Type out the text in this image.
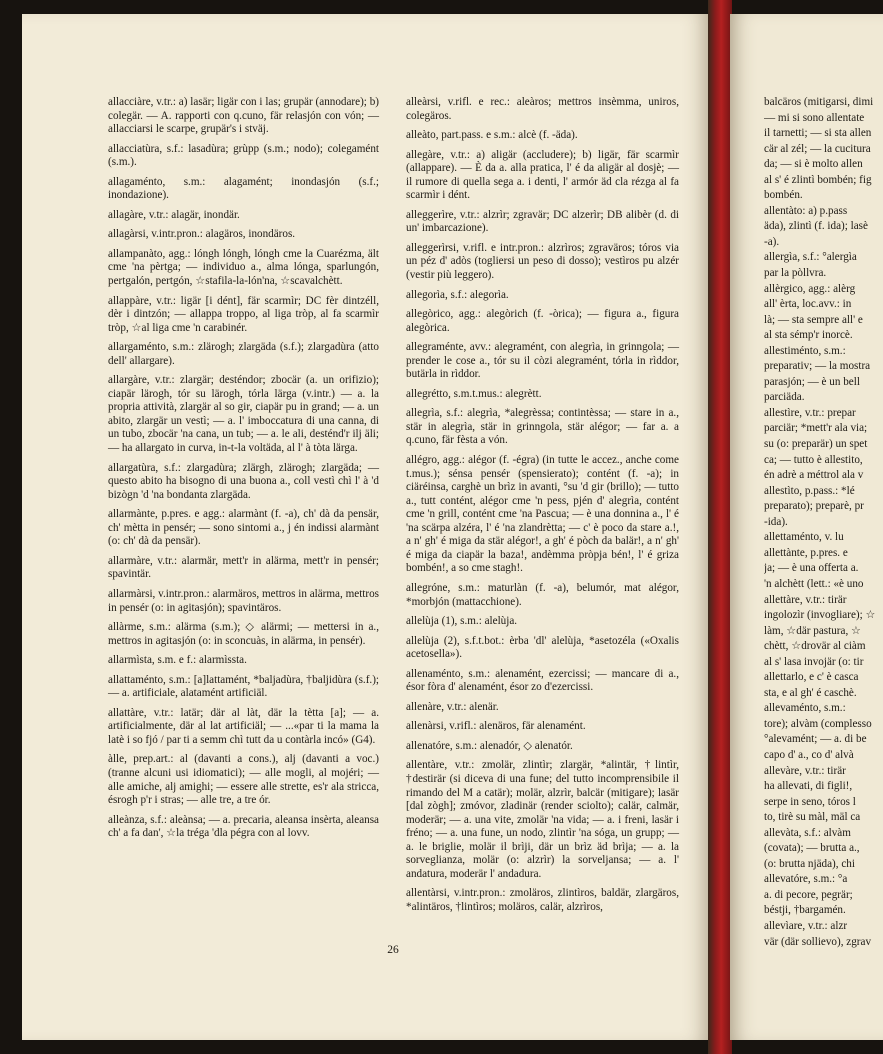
allacciàre, v.tr.: a) lasär; ligär con i las; grupär (annodare); b) colegär. — A. rapporti con q.cuno, fär relasjón con vón; — allacciarsi le scarpe, grupär's i stväj.

allacciatùra, s.f.: lasadùra; grùpp (s.m.; nodo); colegamént (s.m.).

allagaménto, s.m.: alagamént; inondasjón (s.f.; inondazione).

allagàre, v.tr.: alagär, inondär.

allagàrsi, v.intr.pron.: alagäros, inondäros.

allampanàto, agg.: lóngh lóngh, lóngh cme la Cuarézma, ält cme 'na pèrtga; — individuo a., alma lónga, sparlungón, pertgalón, pertgón, ☆stafila-la-lón'na, ☆scavalchètt.

allappàre, v.tr.: ligär [i dént], fär scarmìr; DC fèr dintzéll, dèr i dintzón; — allappa troppo, al liga tròp, al fa scarmìr tròp, ☆al liga cme 'n carabinér.

allargaménto, s.m.: zlärogh; zlargäda (s.f.); zlargadùra (atto dell' allargare).

allargàre, v.tr.: zlargär; desténdor; zbocär (a. un orifizio); ciapär lärogh, tór su lärogh, tórla lärga (v.intr.) — a. la propria attività, zlargär al so gir, ciapär pu in grand; — a. un abito, zlargär un vestì; — a. l' imboccatura di una canna, di un tubo, zbocär 'na cana, un tub; — a. le ali, desténd'r ilj äli; — ha allargato in curva, in-t-la voltäda, al l' à tòta lärga.

allargatùra, s.f.: zlargadùra; zlärgh, zlärogh; zlargäda; — questo abito ha bisogno di una buona a., coll vestì chì l' à 'd bizògn 'd 'na bondanta zlargäda.

allarmànte, p.pres. e agg.: alarmànt (f. -a), ch' dà da pensär, ch' mètta in pensér; — sono sintomi a., j én indissi alarmànt (o: ch' dà da pensär).

allarmàre, v.tr.: alarmär, mett'r in alärma, mett'r in pensér; spavintär.

allarmàrsi, v.intr.pron.: alarmäros, mettros in alärma, mettros in pensér (o: in agitasjón); spavintäros.

allàrme, s.m.: alärma (s.m.); ◇ alärmi; — mettersi in a., mettros in agitasjón (o: in sconcuàs, in alärma, in pensér).

allarmìsta, s.m. e f.: alarmìssta.

allattaménto, s.m.: [a]lattamént, *baljadùra, †baljidùra (s.f.); — a. artificiale, alatamént artificiäl.

allattàre, v.tr.: latär; där al làt, där la tètta [a]; — a. artificialmente, där al lat artificiäl; — ...«par ti la mama la latè i so fjó / par ti a semm chì tutt da u contàrla incó» (G4).

àlle, prep.art.: al (davanti a cons.), alj (davanti a voc.) (tranne alcuni usi idiomatici); — alle mogli, al mojéri; — alle amiche, alj amighi; — essere alle strette, es'r ala stricca, ésrogh p'r i stras; — alle tre, a tre ór.

alleànza, s.f.: aleànsa; — a. precaria, aleansa insèrta, aleansa ch' a fa dan', ☆la tréga 'dla pégra con al lovv.

alleàrsi, v.rifl. e rec.: aleàros; mettros insèmma, uniros, colegäros.

alleàto, part.pass. e s.m.: alcè (f. -äda).

allegàre, v.tr.: a) aligär (accludere); b) ligär, fär scarmìr (allappare). — È da a. alla pratica, l' é da aligär al dosjè; — il rumore di quella sega a. i denti, l' armór äd cla rézga al fa scarmìr i dént.

alleggerìre, v.tr.: alzrìr; zgravär; DC alzerìr; DB alibèr (d. di un' imbarcazione).

alleggerìrsi, v.rifl. e intr.pron.: alzrìros; zgraväros; tóros via un péz d' adòs (togliersi un peso di dosso); vestìros pu alzér (vestir più leggero).

allegorìa, s.f.: alegorìa.

allegòrico, agg.: alegòrich (f. -òrica); — figura a., figura alegòrica.

allegraménte, avv.: alegramént, con alegrìa, in grinngola; — prender le cose a., tór su il còzi alegramént, tórla in rìddor, butärla in rìddor.

allegrétto, s.m.t.mus.: alegrètt.

allegrìa, s.f.: alegrìa, *alegrèssa; contintèssa; — stare in a., stär in alegrìa, stär in grinngola, stär alégor; — far a. a q.cuno, fär fèsta a vón.

allégro, agg.: alégor (f. -égra) (in tutte le accez., anche come t.mus.); sénsa pensér (spensierato); contént (f. -a); in ciäréinsa, carghè un brìz in avanti, °su 'd gir (brillo); — tutto a., tutt contént, alégor cme 'n pess, pjén d' alegrìa, contént cme 'n grill, contént cme 'na Pascua; — è una donnina a., l' é 'na scärpa alzéra, l' é 'na zlandrètta; — c' è poco da stare a.!, a n' gh' é miga da stär alégor!, a gh' é pòch da balär!, a n' gh' é miga da ciapär la baza!, andèmma pròpja bén!, l' é griza bombén!, a so cme stagh!.

allegróne, s.m.: maturlàn (f. -a), belumór, mat alégor, *morbjón (mattacchione).

allelùja (1), s.m.: alelùja.

allelùja (2), s.f.t.bot.: èrba 'dl' alelùja, *asetozéla («Oxalis acetosella»).

allenaménto, s.m.: alenamént, ezercissi; — mancare di a., ésor fòra d' alenamént, ésor zo d'ezercissi.

allenàre, v.tr.: alenär.

allenàrsi, v.rifl.: alenäros, fär alenamént.

allenatóre, s.m.: alenadór, ◇ alenatór.

allentàre, v.tr.: zmolär, zlintìr; zlargär, *alintär, †lintìr, †destirär (si diceva di una fune; del tutto incomprensibile il rimando del M a catär); molär, alzrìr, balcär (mitigare); lasär [dal zògh]; zmóvor, zladinär (render sciolto); calär, calmär, moderär; — a. una vite, zmolär 'na vida; — a. i freni, lasär i fréno; — a. una fune, un nodo, zlintìr 'na sóga, un grupp; — a. le briglie, molär il brìji, där un brìz äd brìja; — a. la sorveglianza, molär (o: alzrìr) la sorveljansa; — a. l' andatura, moderär l' andadura.

allentàrsi, v.intr.pron.: zmoläros, zlintìros, baldär, zlargäros, *alintäros, †lintìros; moläros, calär, alzrìros,

26

balcäros (mitigarsi, dimi

— mi si sono allentate

il tarnetti; — si sta allen

cär al zél; — la cucitura

da; — si è molto allen

al s' é zlintì bombén; fig

bombén.

allentàto: a) p.pass

äda), zlintì (f. ida); lasè

-a).

allergìa, s.f.: °alergìa

par la pòllvra.

allèrgico, agg.: alèrg

all' èrta, loc.avv.: in

là; — sta sempre all' e

al sta sémp'r inorcè.

allestiménto, s.m.:

preparativ; — la mostra

parasjón; — è un bell

parciäda.

allestìre, v.tr.: prepar

parciär; *mett'r ala via;

su (o: preparär) un spet

ca; — tutto è allestito,

én adrè a méttrol ala v

allestìto, p.pass.: *lé

preparato); preparè, pr

-ida).

allettaménto, v. lu

allettànte, p.pres. e

ja; — è una offerta a.

'n alchètt (lett.: «è uno

allettàre, v.tr.: tirär

ingolozìr (invogliare); ☆

làm, ☆där pastura, ☆

chètt, ☆drovär al ciàm

al s' lasa invojär (o: tir

allettarlo, e c' è casca

sta, e al gh' é caschè.

allevaménto, s.m.:

tore); alvàm (complesso

°alevamént; — a. di be

capo d' a., co d' alvà

allevàre, v.tr.: tirär

ha allevati, di figli!,

serpe in seno, tóros l

to, tirè su màl, mäl ca

allevàta, s.f.: alvàm

(covata); — brutta a.,

(o: brutta njäda), chi

allevatóre, s.m.: °a

a. di pecore, pegrär;

béstji, †bargamén.

allevìare, v.tr.: alzr

vär (där sollievo), zgrav
